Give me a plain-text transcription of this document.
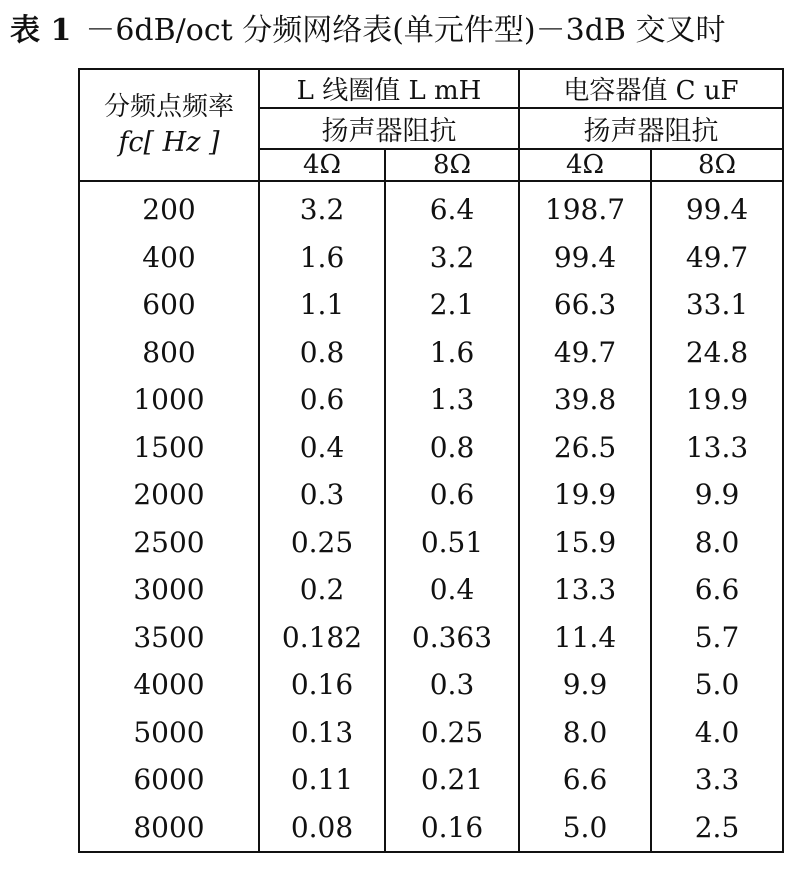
表 1 －6dB/oct 分频网络表(单元件型)－3dB 交叉时
分频点频率
fc[ Hz ]	L 线圈值 L mH		电容器值 C uF	
	扬声器阻抗		扬声器阻抗	
	4Ω	8Ω	4Ω	8Ω
200	3.2	6.4	198.7	99.4
400	1.6	3.2	99.4	49.7
600	1.1	2.1	66.3	33.1
800	0.8	1.6	49.7	24.8
1000	0.6	1.3	39.8	19.9
1500	0.4	0.8	26.5	13.3
2000	0.3	0.6	19.9	9.9
2500	0.25	0.51	15.9	8.0
3000	0.2	0.4	13.3	6.6
3500	0.182	0.363	11.4	5.7
4000	0.16	0.3	9.9	5.0
5000	0.13	0.25	8.0	4.0
6000	0.11	0.21	6.6	3.3
8000	0.08	0.16	5.0	2.5
